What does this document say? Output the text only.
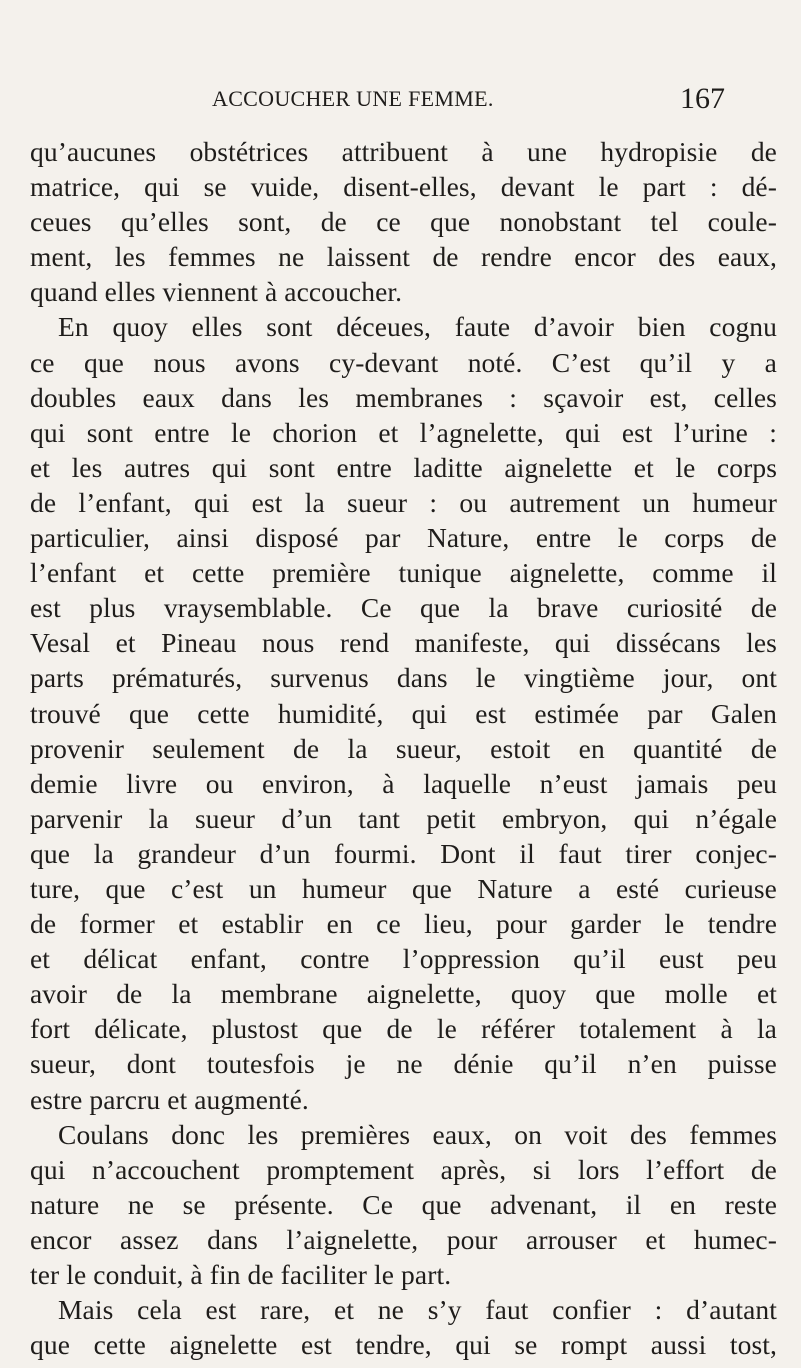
ACCOUCHER UNE FEMME.	167
qu’aucunes obstétrices attribuent à une hydropisie de
matrice, qui se vuide, disent-elles, devant le part : dé-
ceues qu’elles sont, de ce que nonobstant tel coule-
ment, les femmes ne laissent de rendre encor des eaux,
quand elles viennent à accoucher.
En quoy elles sont déceues, faute d’avoir bien cognu
ce que nous avons cy-devant noté. C’est qu’il y a
doubles eaux dans les membranes : sçavoir est, celles
qui sont entre le chorion et l’agnelette, qui est l’urine :
et les autres qui sont entre laditte aignelette et le corps
de l’enfant, qui est la sueur : ou autrement un humeur
particulier, ainsi disposé par Nature, entre le corps de
l’enfant et cette première tunique aignelette, comme il
est plus vraysemblable. Ce que la brave curiosité de
Vesal et Pineau nous rend manifeste, qui dissécans les
parts prématurés, survenus dans le vingtième jour, ont
trouvé que cette humidité, qui est estimée par Galen
provenir seulement de la sueur, estoit en quantité de
demie livre ou environ, à laquelle n’eust jamais peu
parvenir la sueur d’un tant petit embryon, qui n’égale
que la grandeur d’un fourmi. Dont il faut tirer conjec-
ture, que c’est un humeur que Nature a esté curieuse
de former et establir en ce lieu, pour garder le tendre
et délicat enfant, contre l’oppression qu’il eust peu
avoir de la membrane aignelette, quoy que molle et
fort délicate, plustost que de le référer totalement à la
sueur, dont toutesfois je ne dénie qu’il n’en puisse
estre parcru et augmenté.
Coulans donc les premières eaux, on voit des femmes
qui n’accouchent promptement après, si lors l’effort de
nature ne se présente. Ce que advenant, il en reste
encor assez dans l’aignelette, pour arrouser et humec-
ter le conduit, à fin de faciliter le part.
Mais cela est rare, et ne s’y faut confier : d’autant
que cette aignelette est tendre, qui se rompt aussi tost,
